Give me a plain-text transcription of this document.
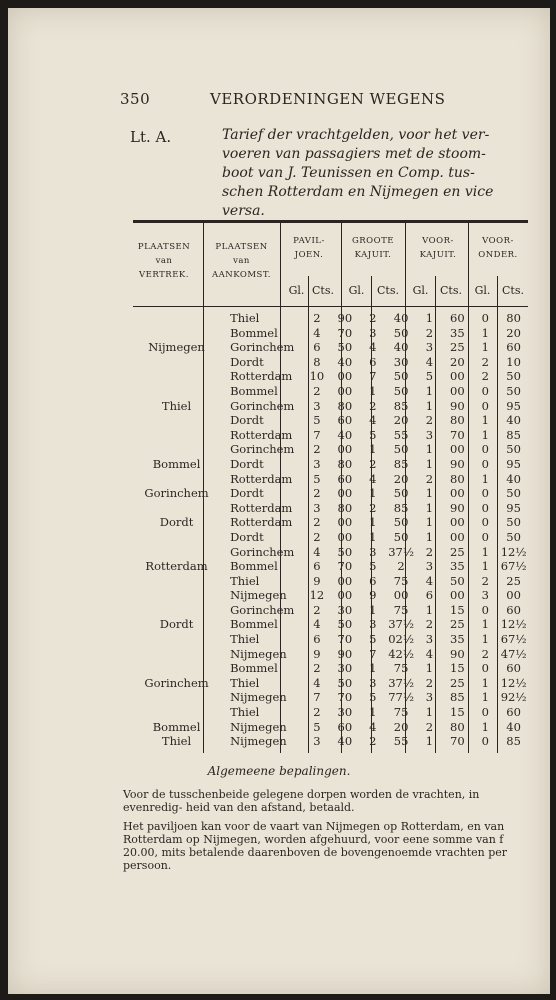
350	VERORDENINGEN WEGENS
Lt. A.	Tarief der vrachtgelden, voor het ver-
voeren van passagiers met de stoom-
boot van J. Teunissen en Comp. tus-
schen Rotterdam en Nijmegen en vice
versa.
PLAATSEN
van
VERTREK.
PLAATSEN
van
AANKOMST.
PAVIL- JOEN.
GROOTE KAJUIT.
VOOR- KAJUIT.
VOOR- ONDER.
Gl. Cts.	Gl.	Cts.	Gl.	Cts.	Gl.	Cts.
	Thiel	2	90	2	40	1	60	0	80
	Bommel	4	70	3	50	2	35	1	20
Nijmegen	Gorinchem	6	50	4	40	3	25	1	60
	Dordt	8	40	6	30	4	20	2	10
	Rotterdam	10	00	7	50	5	00	2	50
	Bommel	2	00	1	50	1	00	0	50
Thiel	Gorinchem	3	80	2	85	1	90	0	95
	Dordt	5	60	4	20	2	80	1	40
	Rotterdam	7	40	5	55	3	70	1	85
	Gorinchem	2	00	1	50	1	00	0	50
Bommel	Dordt	3	80	2	85	1	90	0	95
	Rotterdam	5	60	4	20	2	80	1	40
Gorinchem	Dordt	2	00	1	50	1	00	0	50
	Rotterdam	3	80	2	85	1	90	0	95
Dordt	Rotterdam	2	00	1	50	1	00	0	50
	Dordt	2	00	1	50	1	00	0	50
	Gorinchem	4	50	3	37½	2	25	1	12½
Rotterdam	Bommel	6	70	5	2	3	35	1	67½
	Thiel	9	00	6	75	4	50	2	25
	Nijmegen	12	00	9	00	6	00	3	00
	Gorinchem	2	30	1	75	1	15	0	60
Dordt	Bommel	4	50	3	37½	2	25	1	12½
	Thiel	6	70	5	02½	3	35	1	67½
	Nijmegen	9	90	7	42½	4	90	2	47½
	Bommel	2	30	1	75	1	15	0	60
Gorinchem	Thiel	4	50	3	37½	2	25	1	12½
	Nijmegen	7	70	5	77½	3	85	1	92½
	Thiel	2	30	1	75	1	15	0	60
Bommel	Nijmegen	5	60	4	20	2	80	1	40
Thiel	Nijmegen	3	40	2	55	1	70	0	85
Algemeene bepalingen.
Voor de tusschenbeide gelegene dorpen worden de vrachten, in evenredig- heid van den afstand, betaald.
Het paviljoen kan voor de vaart van Nijmegen op Rotterdam, en van Rotterdam op Nijmegen, worden afgehuurd, voor eene somme van f 20.00, mits betalende daarenboven de bovengenoemde vrachten per persoon.
